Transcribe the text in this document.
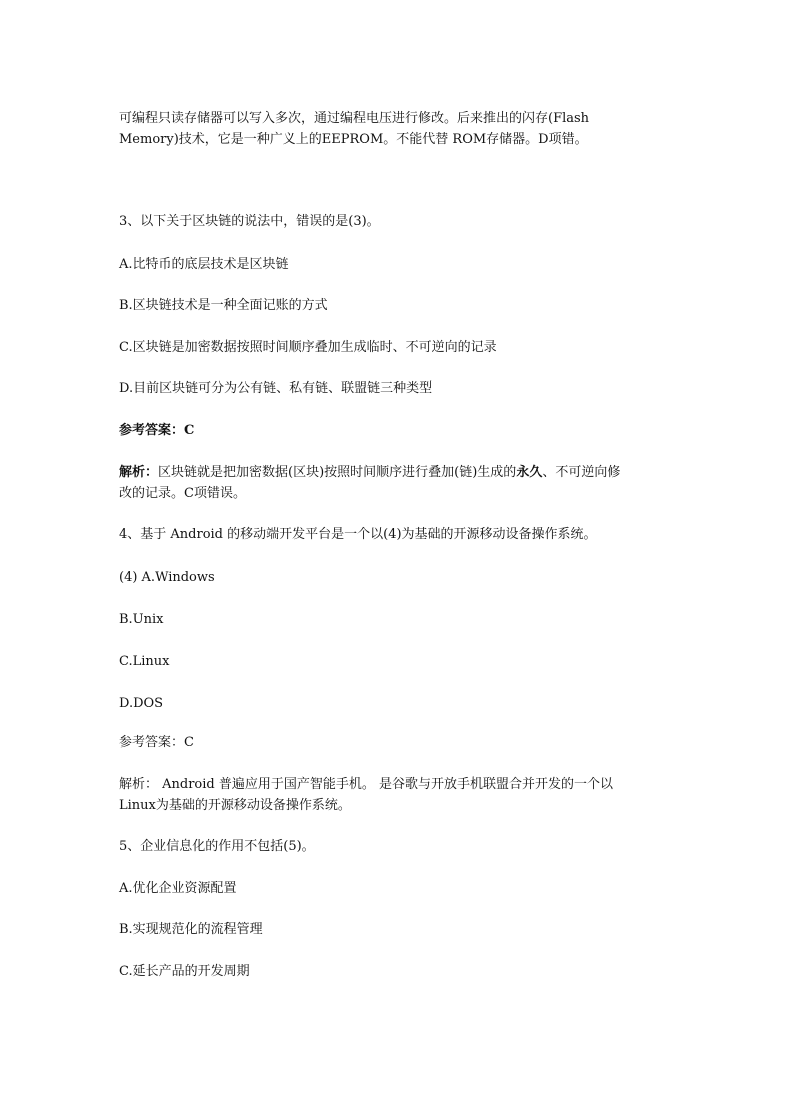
可编程只读存储器可以写入多次，通过编程电压进行修改。后来推出的闪存(Flash
Memory)技术，它是一种广义上的EEPROM。不能代替 ROM存储器。D项错。
3、以下关于区块链的说法中，错误的是(3)。
A.比特币的底层技术是区块链
B.区块链技术是一种全面记账的方式
C.区块链是加密数据按照时间顺序叠加生成临时、不可逆向的记录
D.目前区块链可分为公有链、私有链、联盟链三种类型
参考答案：C
解析：区块链就是把加密数据(区块)按照时间顺序进行叠加(链)生成的永久、不可逆向修
改的记录。C项错误。
4、基于 Android 的移动端开发平台是一个以(4)为基础的开源移动设备操作系统。
(4) A.Windows
B.Unix
C.Linux
D.DOS
参考答案：C
解析： Android 普遍应用于国产智能手机。 是谷歌与开放手机联盟合并开发的一个以
Linux为基础的开源移动设备操作系统。
5、企业信息化的作用不包括(5)。
A.优化企业资源配置
B.实现规范化的流程管理
C.延长产品的开发周期
